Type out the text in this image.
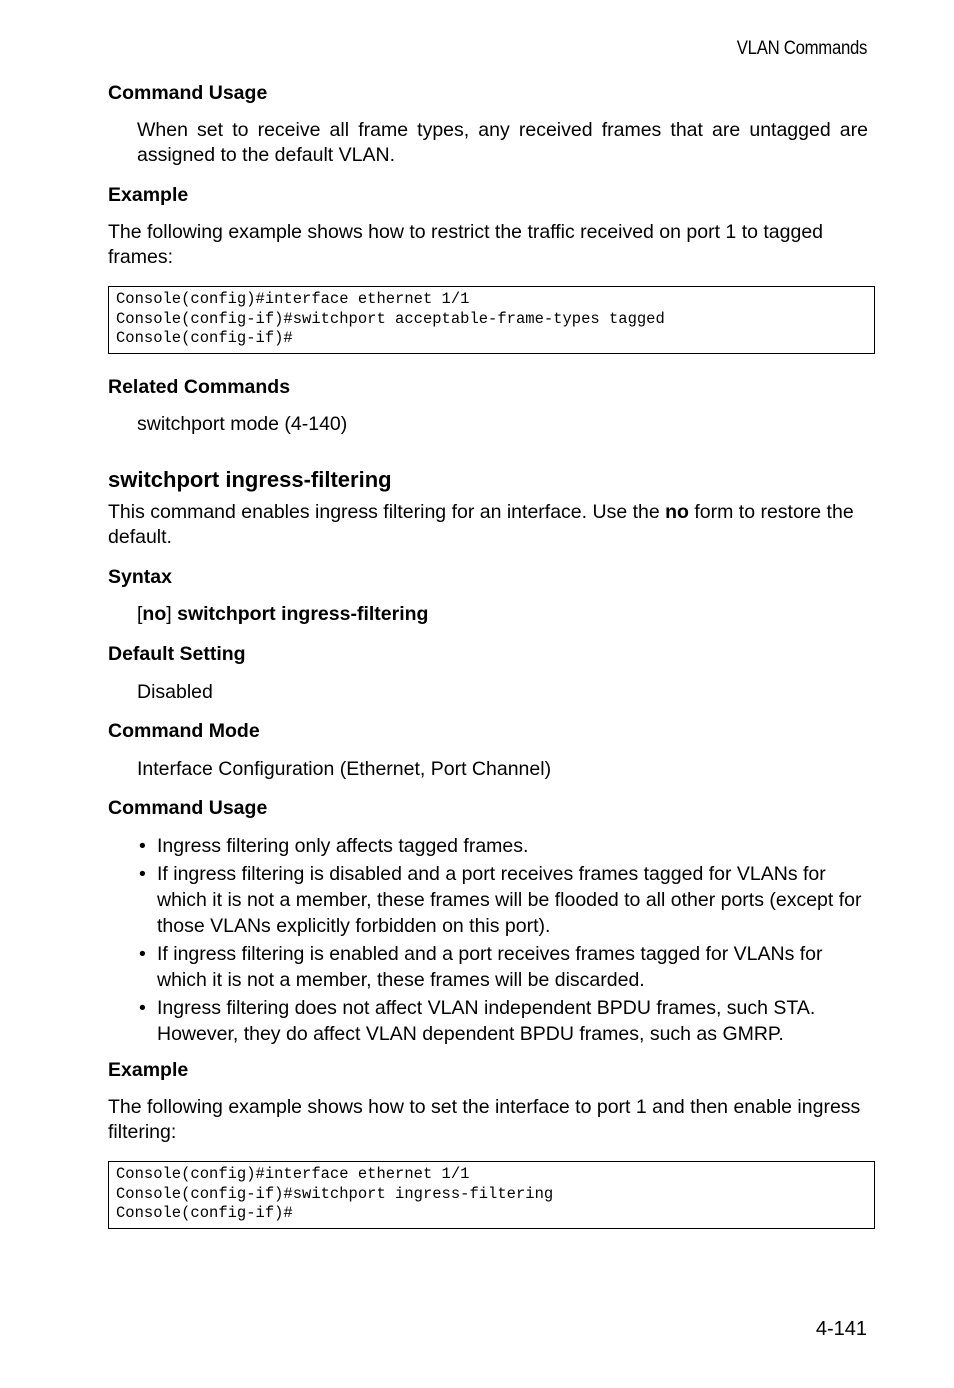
VLAN Commands
Command Usage
When set to receive all frame types, any received frames that are untagged are assigned to the default VLAN.
Example
The following example shows how to restrict the traffic received on port 1 to tagged frames:
Console(config)#interface ethernet 1/1
Console(config-if)#switchport acceptable-frame-types tagged
Console(config-if)#
Related Commands
switchport mode (4-140)
switchport ingress-filtering
This command enables ingress filtering for an interface. Use the no form to restore the default.
Syntax
[no] switchport ingress-filtering
Default Setting
Disabled
Command Mode
Interface Configuration (Ethernet, Port Channel)
Command Usage
• Ingress filtering only affects tagged frames.
• If ingress filtering is disabled and a port receives frames tagged for VLANs for which it is not a member, these frames will be flooded to all other ports (except for those VLANs explicitly forbidden on this port).
• If ingress filtering is enabled and a port receives frames tagged for VLANs for which it is not a member, these frames will be discarded.
• Ingress filtering does not affect VLAN independent BPDU frames, such STA. However, they do affect VLAN dependent BPDU frames, such as GMRP.
Example
The following example shows how to set the interface to port 1 and then enable ingress filtering:
Console(config)#interface ethernet 1/1
Console(config-if)#switchport ingress-filtering
Console(config-if)#
4-141
